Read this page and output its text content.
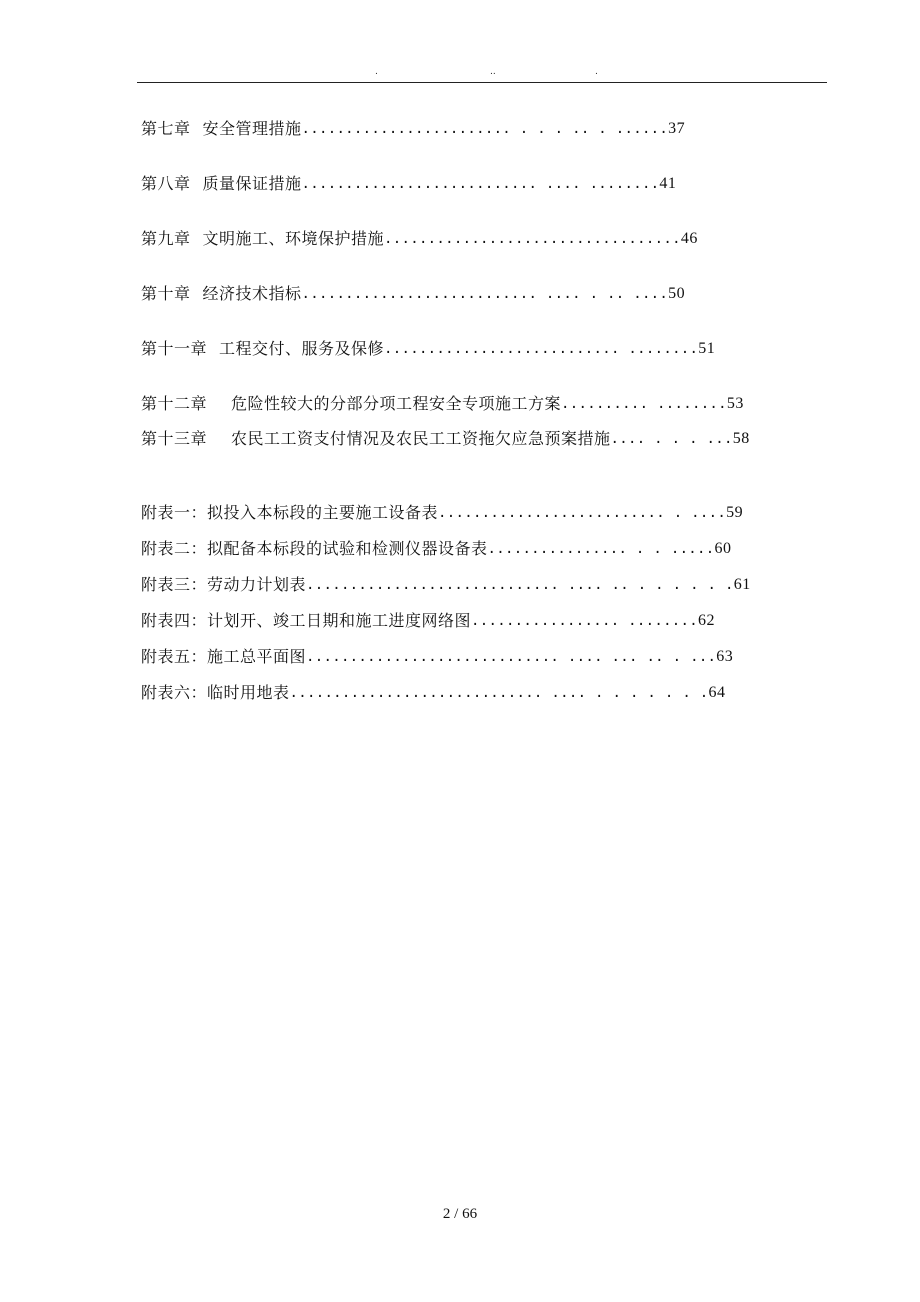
.	..	.
第七章 安全管理措施 ........................ . . . .. . ...... 37
第八章 质量保证措施 ........................... .... ........ 41
第九章 文明施工、环境保护措施 .................................. 46
第十章 经济技术指标 ........................... .... . .. .... 50
第十一章 工程交付、服务及保修 ........................... ........ 51
第十二章 危险性较大的分部分项工程安全专项施工方案 .......... ........ 53
第十三章 农民工工资支付情况及农民工工资拖欠应急预案措施 .... . . . ... 58
附表一： 拟投入本标段的主要施工设备表 .......................... . .... 59
附表二： 拟配备本标段的试验和检测仪器设备表 ................ . . ..... 60
附表三： 劳动力计划表 ............................. .... .. . . . . . . 61
附表四： 计划开、竣工日期和施工进度网络图 ................. ........ 62
附表五： 施工总平面图 ............................. .... ... .. . ... 63
附表六： 临时用地表 ............................. .... . . . . . . . 64
2 / 66
